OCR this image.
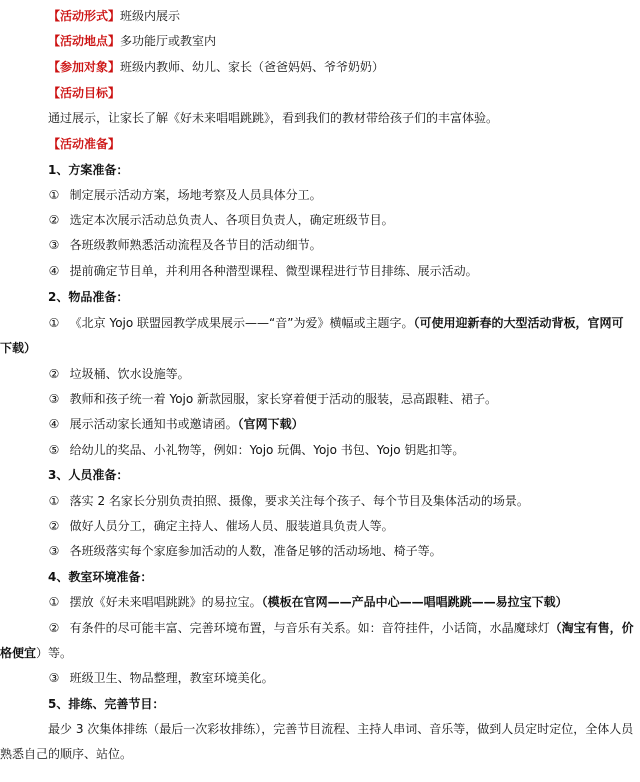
【活动形式】班级内展示
【活动地点】多功能厅或教室内
【参加对象】班级内教师、幼儿、家长（爸爸妈妈、爷爷奶奶）
【活动目标】
通过展示，让家长了解《好未来唱唱跳跳》，看到我们的教材带给孩子们的丰富体验。
【活动准备】
1、方案准备：
① 制定展示活动方案，场地考察及人员具体分工。
② 选定本次展示活动总负责人、各项目负责人，确定班级节目。
③ 各班级教师熟悉活动流程及各节目的活动细节。
④ 提前确定节目单，并利用各种潜型课程、微型课程进行节目排练、展示活动。
2、物品准备：
① 《北京 Yojo 联盟园教学成果展示——“音”为爱》横幅或主题字。（可使用迎新春的大型活动背板，官网可
下载）
② 垃圾桶、饮水设施等。
③ 教师和孩子统一着 Yojo 新款园服，家长穿着便于活动的服装，忌高跟鞋、裙子。
④ 展示活动家长通知书或邀请函。（官网下载）
⑤ 给幼儿的奖品、小礼物等，例如：Yojo 玩偶、Yojo 书包、Yojo 钥匙扣等。
3、人员准备：
① 落实 2 名家长分别负责拍照、摄像，要求关注每个孩子、每个节目及集体活动的场景。
② 做好人员分工，确定主持人、催场人员、服装道具负责人等。
③ 各班级落实每个家庭参加活动的人数，准备足够的活动场地、椅子等。
4、教室环境准备：
① 摆放《好未来唱唱跳跳》的易拉宝。（模板在官网——产品中心——唱唱跳跳——易拉宝下载）
② 有条件的尽可能丰富、完善环境布置，与音乐有关系。如：音符挂件，小话筒，水晶魔球灯（淘宝有售，价
格便宜）等。
③ 班级卫生、物品整理，教室环境美化。
5、排练、完善节目：
最少 3 次集体排练（最后一次彩妆排练），完善节目流程、主持人串词、音乐等，做到人员定时定位，全体人员
熟悉自己的顺序、站位。
